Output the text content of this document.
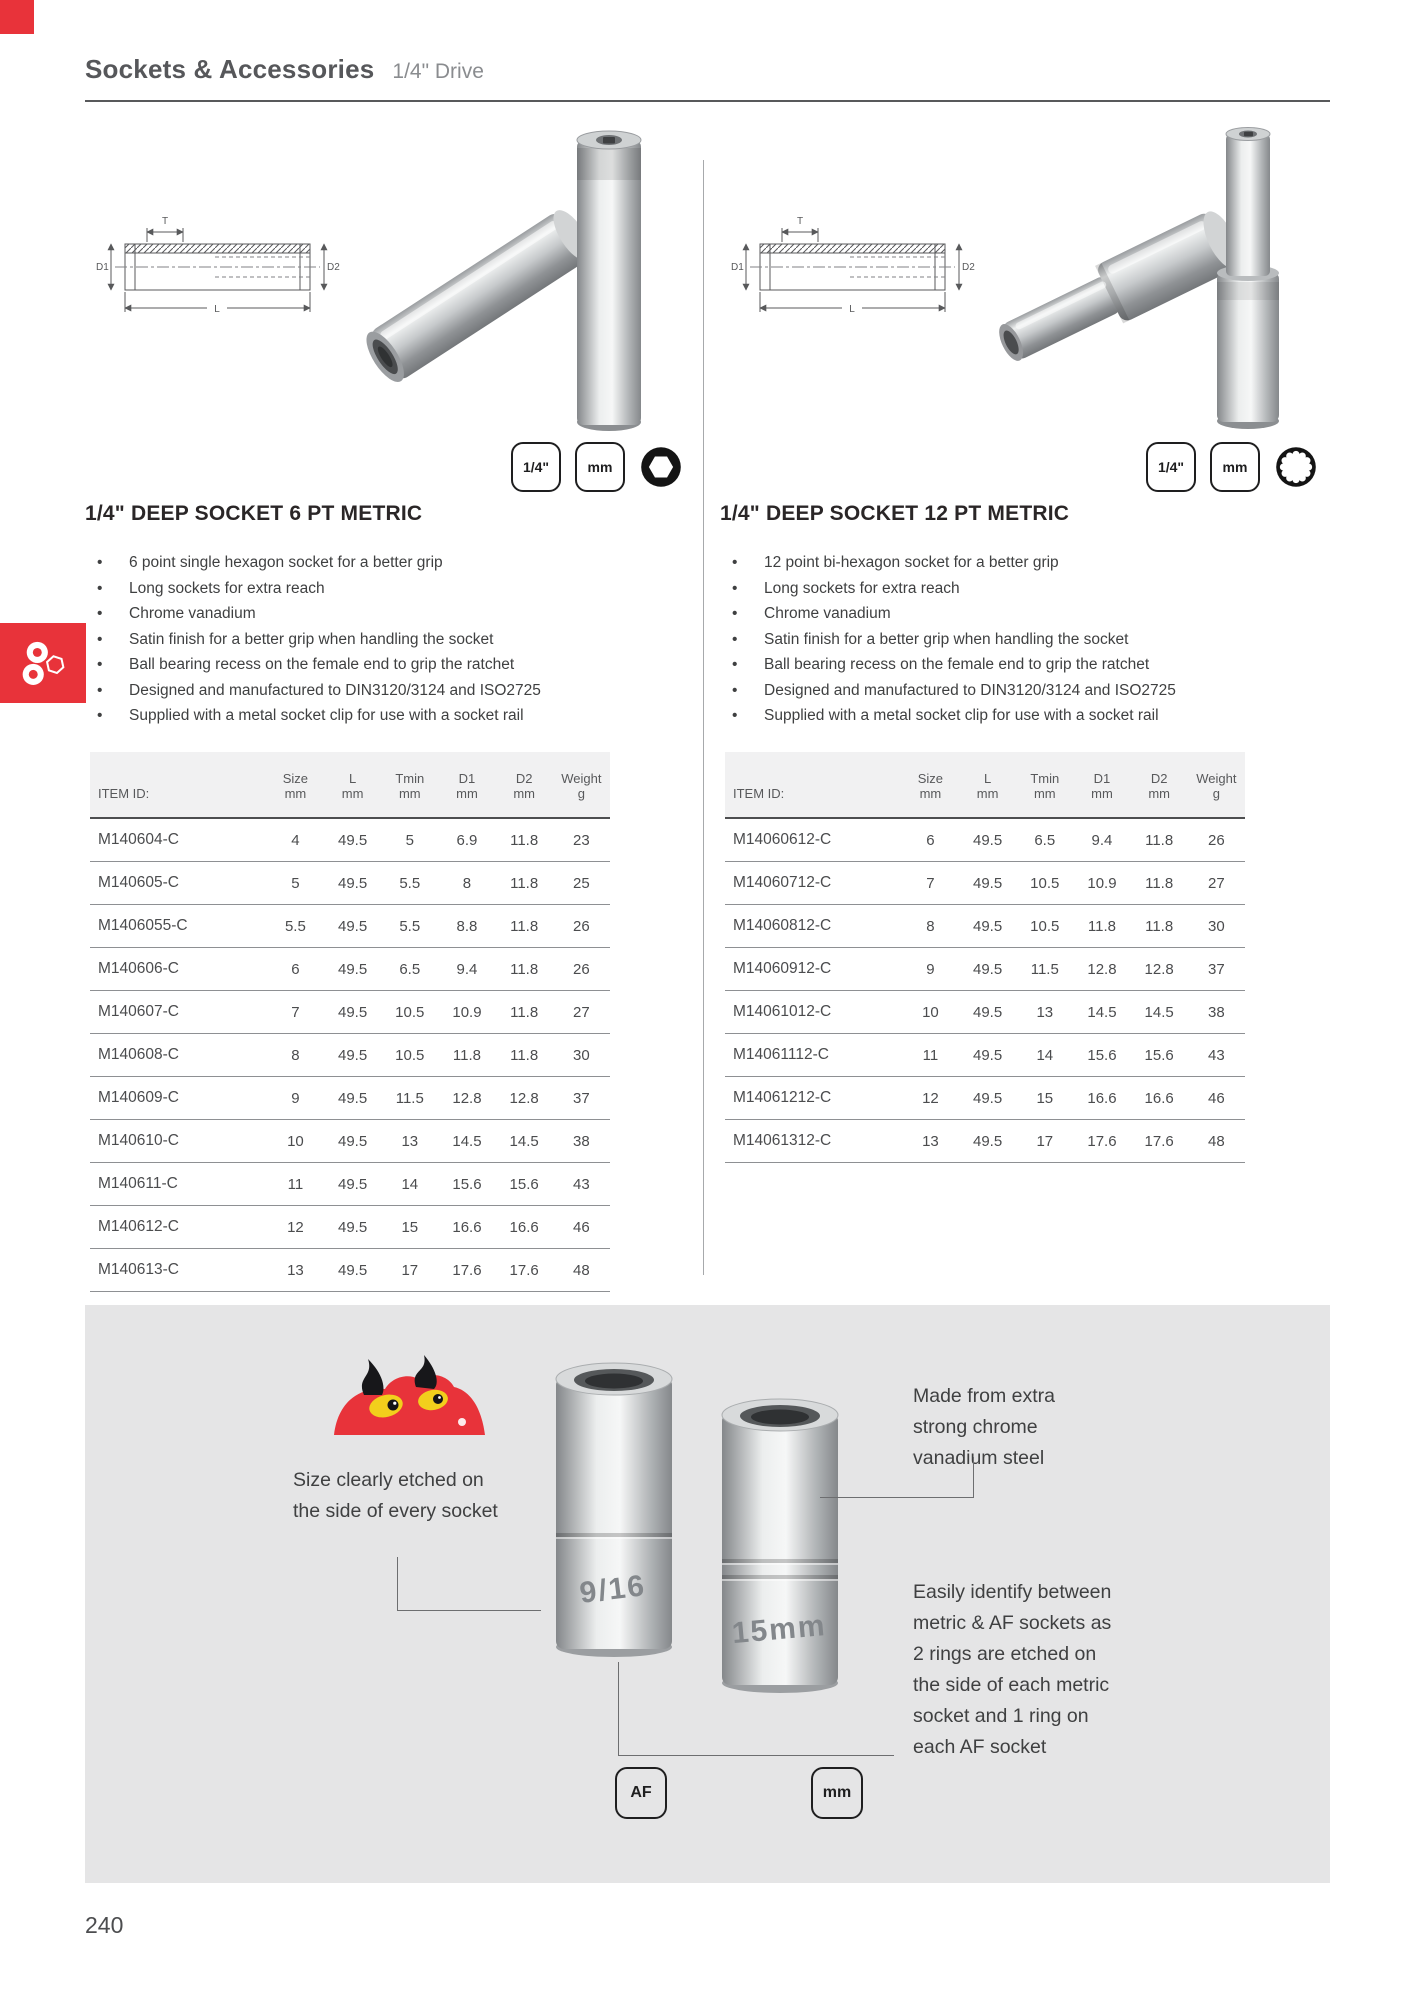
Sockets & Accessories 1/4" Drive
T
D1	D2
L
1/4"	mm
1/4" DEEP SOCKET 6 PT METRIC
• 6 point single hexagon socket for a better grip
• Long sockets for extra reach
• Chrome vanadium
• Satin finish for a better grip when handling the socket
• Ball bearing recess on the female end to grip the ratchet
• Designed and manufactured to DIN3120/3124 and ISO2725
• Supplied with a metal socket clip for use with a socket rail
	Size	L	Tmin	D1	D2	Weight
ITEM ID:	mm	mm	mm	mm	mm	g
M140604-C	4	49.5	5	6.9	11.8	23
M140605-C	5	49.5	5.5	8	11.8	25
M1406055-C	5.5	49.5	5.5	8.8	11.8	26
M140606-C	6	49.5	6.5	9.4	11.8	26
M140607-C	7	49.5	10.5	10.9	11.8	27
M140608-C	8	49.5	10.5	11.8	11.8	30
M140609-C	9	49.5	11.5	12.8	12.8	37
M140610-C	10	49.5	13	14.5	14.5	38
M140611-C	11	49.5	14	15.6	15.6	43
M140612-C	12	49.5	15	16.6	16.6	46
M140613-C	13	49.5	17	17.6	17.6	48
T
D1	D2
L
1/4"	mm
1/4" DEEP SOCKET 12 PT METRIC
• 12 point bi-hexagon socket for a better grip
• Long sockets for extra reach
• Chrome vanadium
• Satin finish for a better grip when handling the socket
• Ball bearing recess on the female end to grip the ratchet
• Designed and manufactured to DIN3120/3124 and ISO2725
• Supplied with a metal socket clip for use with a socket rail
	Size	L	Tmin	D1	D2	Weight
ITEM ID:	mm	mm	mm	mm	mm	g
M14060612-C	6	49.5	6.5	9.4	11.8	26
M14060712-C	7	49.5	10.5	10.9	11.8	27
M14060812-C	8	49.5	10.5	11.8	11.8	30
M14060912-C	9	49.5	11.5	12.8	12.8	37
M14061012-C	10	49.5	13	14.5	14.5	38
M14061112-C	11	49.5	14	15.6	15.6	43
M14061212-C	12	49.5	15	16.6	16.6	46
M14061312-C	13	49.5	17	17.6	17.6	48

Size clearly etched on the side of every socket

9/16
15mm

Made from extra strong chrome vanadium steel

Easily identify between metric & AF sockets as 2 rings are etched on the side of each metric socket and 1 ring on each AF socket

AF	mm
240
